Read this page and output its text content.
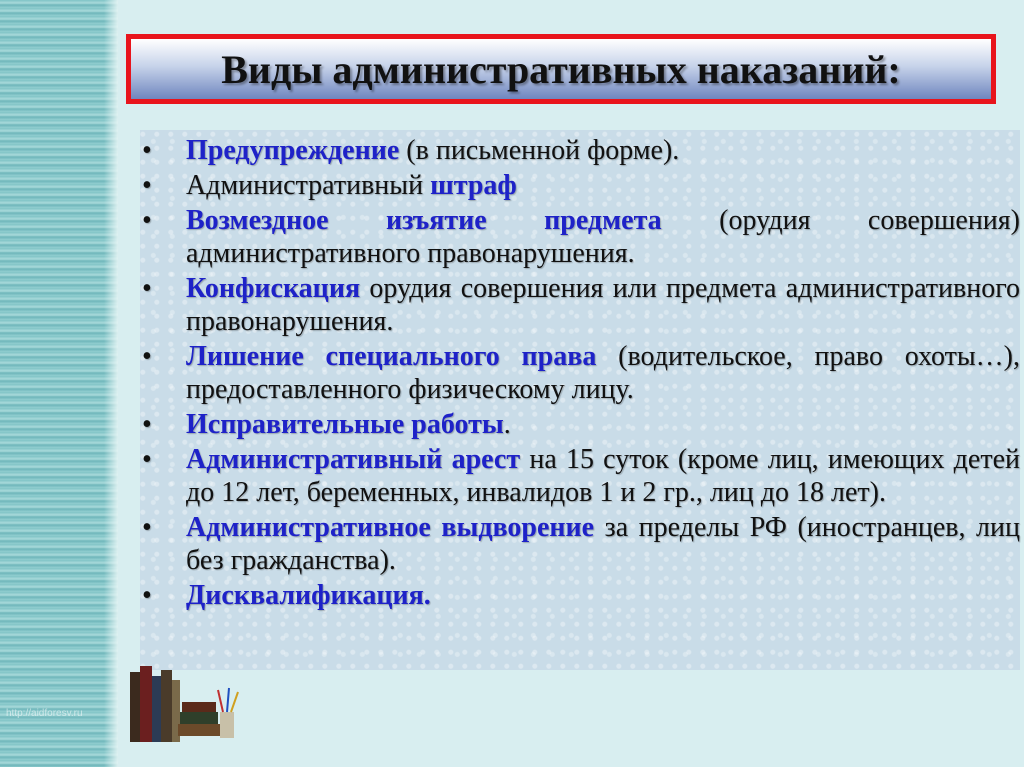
Виды административных наказаний:
• Предупреждение (в письменной форме).
• Административный штраф
• Возмездное изъятие предмета (орудия совершения) административного правонарушения.
• Конфискация орудия совершения или предмета административного правонарушения.
• Лишение специального права (водительское, право охоты…), предоставленного физическому лицу.
• Исправительные работы.
• Административный арест на 15 суток (кроме лиц, имеющих детей до 12 лет, беременных, инвалидов 1 и 2 гр., лиц до 18 лет).
• Административное выдворение за пределы РФ (иностранцев, лиц без гражданства).
• Дисквалификация.
http://aidforesv.ru
